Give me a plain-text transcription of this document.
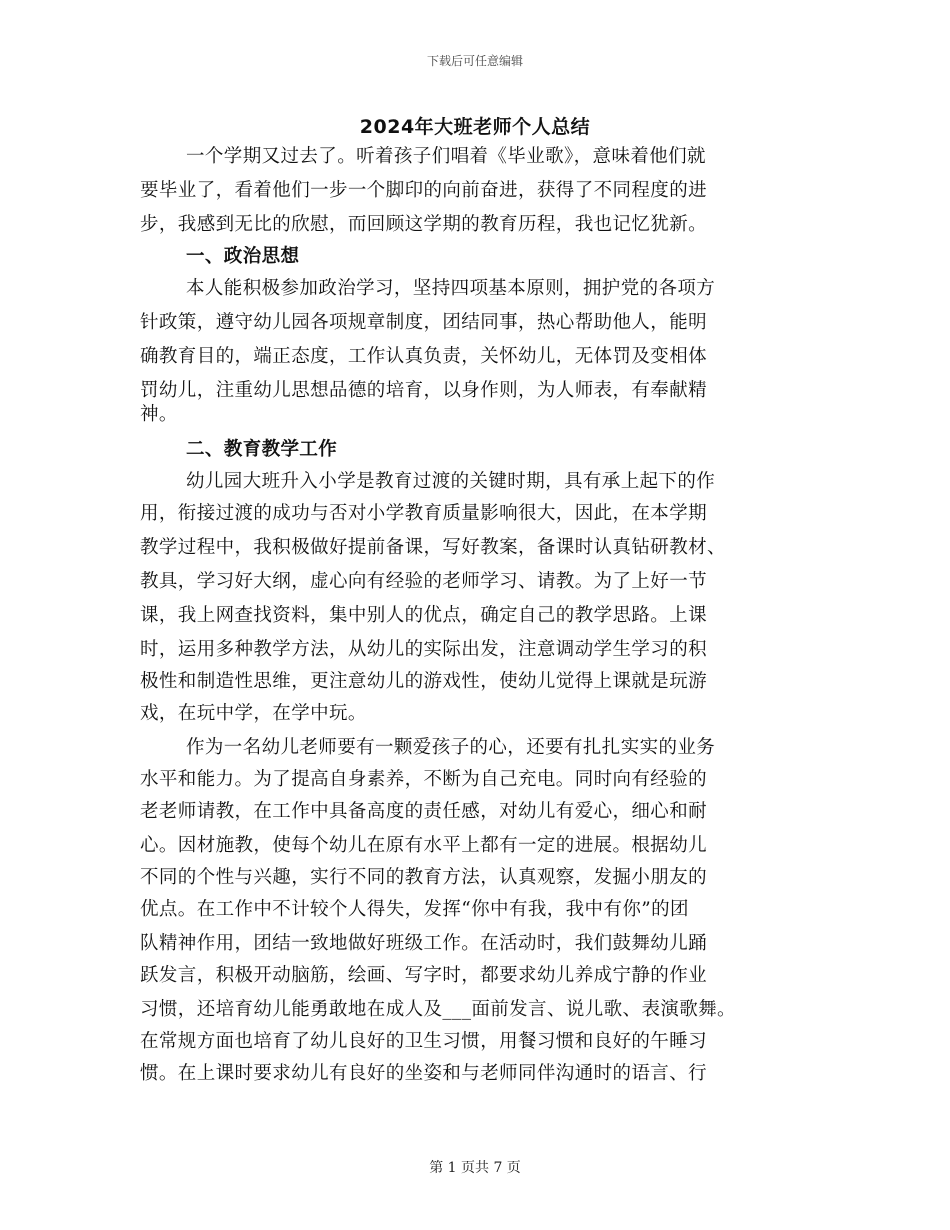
下载后可任意编辑
2024年大班老师个人总结
一个学期又过去了。听着孩子们唱着《毕业歌》，意味着他们就
要毕业了，看着他们一步一个脚印的向前奋进，获得了不同程度的进
步，我感到无比的欣慰，而回顾这学期的教育历程，我也记忆犹新。
一、政治思想
本人能积极参加政治学习，坚持四项基本原则，拥护党的各项方
针政策，遵守幼儿园各项规章制度，团结同事，热心帮助他人，能明
确教育目的，端正态度，工作认真负责，关怀幼儿，无体罚及变相体
罚幼儿，注重幼儿思想品德的培育，以身作则，为人师表，有奉献精
神。
二、教育教学工作
幼儿园大班升入小学是教育过渡的关键时期，具有承上起下的作
用，衔接过渡的成功与否对小学教育质量影响很大，因此，在本学期
教学过程中，我积极做好提前备课，写好教案，备课时认真钻研教材、
教具，学习好大纲，虚心向有经验的老师学习、请教。为了上好一节
课，我上网查找资料，集中别人的优点，确定自己的教学思路。上课
时，运用多种教学方法，从幼儿的实际出发，注意调动学生学习的积
极性和制造性思维，更注意幼儿的游戏性，使幼儿觉得上课就是玩游
戏，在玩中学，在学中玩。
作为一名幼儿老师要有一颗爱孩子的心，还要有扎扎实实的业务
水平和能力。为了提高自身素养，不断为自己充电。同时向有经验的
老老师请教，在工作中具备高度的责任感，对幼儿有爱心，细心和耐
心。因材施教，使每个幼儿在原有水平上都有一定的进展。根据幼儿
不同的个性与兴趣，实行不同的教育方法，认真观察，发掘小朋友的
优点。在工作中不计较个人得失，发挥“你中有我，我中有你”的团
队精神作用，团结一致地做好班级工作。在活动时，我们鼓舞幼儿踊
跃发言，积极开动脑筋，绘画、写字时，都要求幼儿养成宁静的作业
习惯，还培育幼儿能勇敢地在成人及___面前发言、说儿歌、表演歌舞。
在常规方面也培育了幼儿良好的卫生习惯，用餐习惯和良好的午睡习
惯。在上课时要求幼儿有良好的坐姿和与老师同伴沟通时的语言、行
第 1 页共 7 页
